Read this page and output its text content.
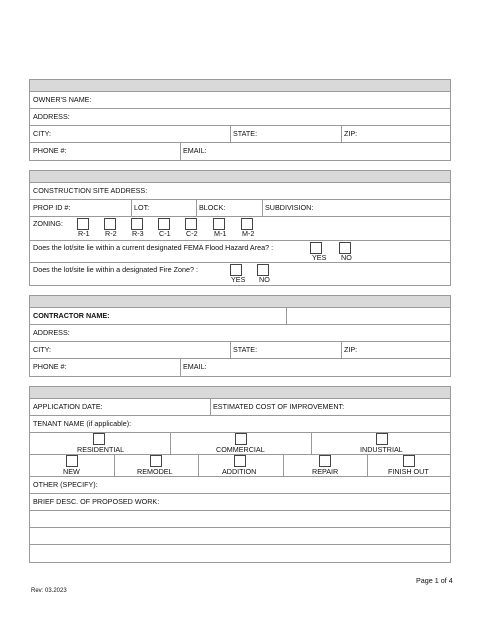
OWNER'S NAME:
ADDRESS:
CITY:	STATE:	ZIP:
PHONE #:	EMAIL:
CONSTRUCTION SITE ADDRESS:
PROP ID #:	LOT:	BLOCK:	SUBDIVISION:
ZONING:
R-1 R-2 R-3 C-1 C-2 M-1 M-2
Does the lot/site lie within a current designated FEMA Flood Hazard Area? :
YES NO
Does the lot/site lie within a designated Fire Zone? :
YES NO
CONTRACTOR NAME:
ADDRESS:
CITY:	STATE:	ZIP:
PHONE #:	EMAIL:
APPLICATION DATE:	ESTIMATED COST OF IMPROVEMENT:
TENANT NAME (if applicable):
RESIDENTIAL	COMMERCIAL	INDUSTRIAL
NEW	REMODEL	ADDITION	REPAIR	FINISH OUT
OTHER (SPECIFY):
BRIEF DESC. OF PROPOSED WORK:
Rev: 03.2023
Page 1 of 4
